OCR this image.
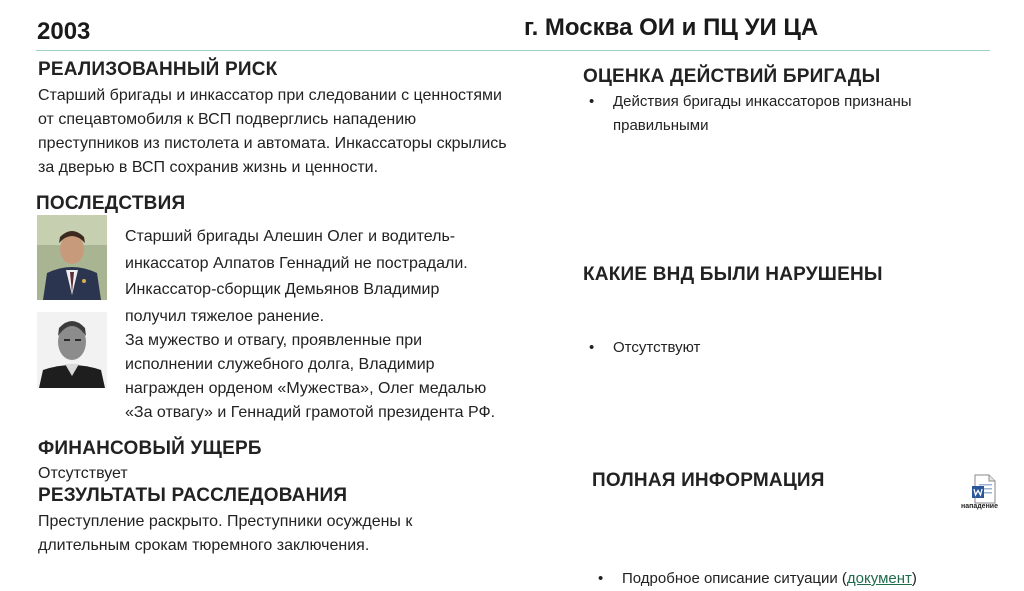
2003	г. Москва ОИ и ПЦ УИ ЦА
РЕАЛИЗОВАННЫЙ РИСК
Старший бригады и инкассатор при следовании с ценностями
от спецавтомобиля к ВСП подверглись нападению
преступников из пистолета и автомата. Инкассаторы скрылись
за дверью в ВСП сохранив жизнь и ценности.
ПОСЛЕДСТВИЯ
Старший бригады Алешин Олег и водитель-
инкассатор Алпатов Геннадий не пострадали.
Инкассатор-сборщик Демьянов Владимир
получил тяжелое ранение.
За мужество и отвагу, проявленные при
исполнении служебного долга, Владимир
награжден орденом «Мужества», Олег медалью
«За отвагу» и Геннадий грамотой президента РФ.
ФИНАНСОВЫЙ УЩЕРБ
Отсутствует
РЕЗУЛЬТАТЫ РАССЛЕДОВАНИЯ
Преступление раскрыто. Преступники осуждены к
длительным срокам тюремного заключения.
ОЦЕНКА ДЕЙСТВИЙ БРИГАДЫ
• Действия бригады инкассаторов признаны
правильными
КАКИЕ ВНД БЫЛИ НАРУШЕНЫ
• Отсутствуют
ПОЛНАЯ ИНФОРМАЦИЯ
• Подробное описание ситуации (документ)
нападение
